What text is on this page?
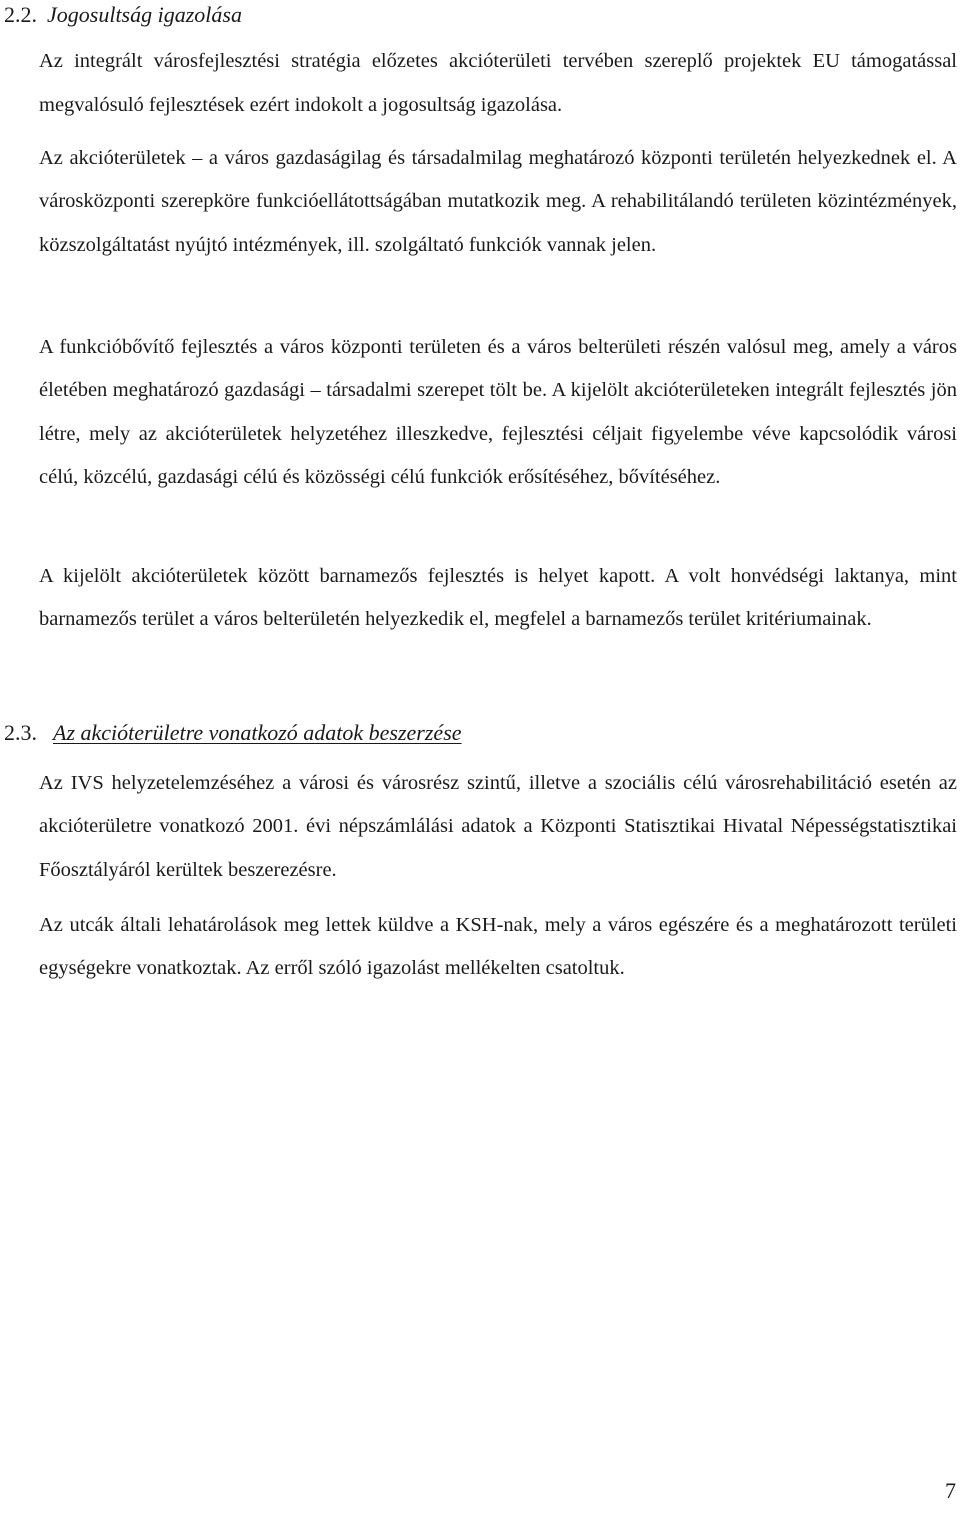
2.2. Jogosultság igazolása

Az integrált városfejlesztési stratégia előzetes akcióterületi tervében szereplő projektek EU támogatással megvalósuló fejlesztések ezért indokolt a jogosultság igazolása.

Az akcióterületek – a város gazdaságilag és társadalmilag meghatározó központi területén helyezkednek el. A városközponti szerepköre funkcióellátottságában mutatkozik meg. A rehabilitálandó területen közintézmények, közszolgáltatást nyújtó intézmények, ill. szolgáltató funkciók vannak jelen.

A funkcióbővítő fejlesztés a város központi területen és a város belterületi részén valósul meg, amely a város életében meghatározó gazdasági – társadalmi szerepet tölt be. A kijelölt akcióterületeken integrált fejlesztés jön létre, mely az akcióterületek helyzetéhez illeszkedve, fejlesztési céljait figyelembe véve kapcsolódik városi célú, közcélú, gazdasági célú és közösségi célú funkciók erősítéséhez, bővítéséhez.

A kijelölt akcióterületek között barnamezős fejlesztés is helyet kapott. A volt honvédségi laktanya, mint barnamezős terület a város belterületén helyezkedik el, megfelel a barnamezős terület kritériumainak.

2.3. Az akcióterületre vonatkozó adatok beszerzése

Az IVS helyzetelemzéséhez a városi és városrész szintű, illetve a szociális célú városrehabilitáció esetén az akcióterületre vonatkozó 2001. évi népszámlálási adatok a Központi Statisztikai Hivatal Népességstatisztikai Főosztályáról kerültek beszerezésre.

Az utcák általi lehatárolások meg lettek küldve a KSH-nak, mely a város egészére és a meghatározott területi egységekre vonatkoztak. Az erről szóló igazolást mellékelten csatoltuk.

7
